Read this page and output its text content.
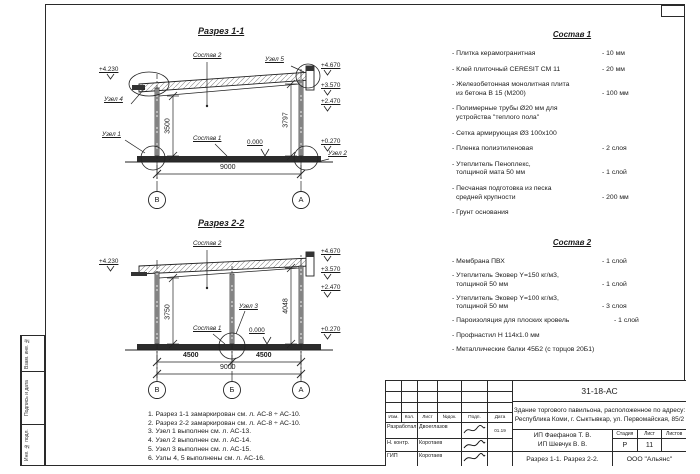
Взам. инв. №
Подпись и дата
Инв. № подл.
Разрез 1-1
Состав 2
Узел 5
+4.230
Узел 4
Узел 1
Состав 1
0.000
Узел 2
3500	3797
9000
+4.670
+3.570
+2.470
+0.270
В	А
Разрез 2-2
Состав 2
+4.230
Узел 3
Состав 1	0.000
3750	4048
4500	4500
9000
+4.670
+3.570
+2.470
+0.270
В	Б	А
Состав 1
- Плитка керамогранитная	- 10 мм
- Клей плиточный CERESIT СМ 11	- 20 мм
- Железобетонная монолитная плита
из бетона В 15 (М200)	- 100 мм
- Полимерные трубы Ø20 мм для
устройства "теплого пола"
- Сетка армирующая Ø3 100х100
- Пленка полиэтиленовая	- 2 слоя
- Утеплитель Пеноплекс,
толщиной мата 50 мм	- 1 слой
- Песчаная подготовка из песка
средней крупности	- 200 мм
- Грунт основания
Состав 2
- Мембрана ПВХ	- 1 слой
- Утеплитель Эковер Y=150 кг/м3,
толщиной 50 мм	- 1 слой
- Утеплитель Эковер Y=100 кг/м3,
толщиной 50 мм	- 3 слоя
- Пароизоляция для плоских кровель	- 1 слой
- Профнастил Н 114х1.0 мм
- Металлические балки 45Б2 (с торцов 20Б1)
1. Разрез 1-1 замаркирован см. л. АС-8 ÷ АС-10.
2. Разрез 2-2 замаркирован см. л. АС-8 ÷ АС-10.
3. Узел 1 выполнен см. л. АС-13.
4. Узел 2 выполнен см. л. АС-14.
5. Узел 3 выполнен см. л. АС-15.
6. Узлы 4, 5 выполнены см. л. АС-16.
Изм.	Кол.	Лист	№док.	Подп.	Дата
Разработал Двоеглазов
01.19
Н. контр.	Коротаев
ГИП	Коротаев
31-18-АС
Здание торгового павильона, расположенное по адресу:
Республика Коми, г. Сыктывкар, ул. Первомайская, 85/2
ИП Фаефанов Т. В.
ИП Шевчук В. В.
Стадия	Лист	Листов
Р	11
Разрез 1-1. Разрез 2-2.	ООО "Альянс"
